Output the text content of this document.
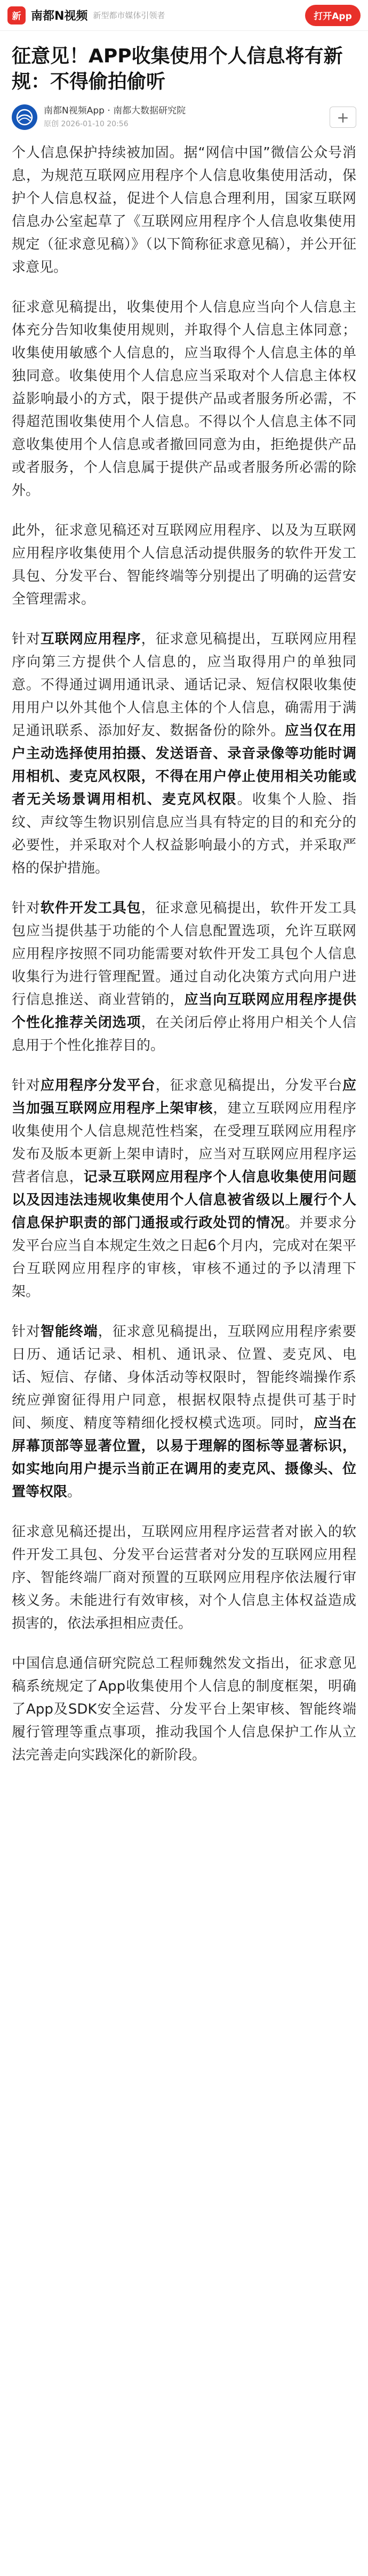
新 南都N视频 新型都市媒体引领者	打开App
征意见！APP收集使用个人信息将有新规：不得偷拍偷听
南都N视频App · 南都大数据研究院
原创 2026-01-10 20:56	+

个人信息保护持续被加固。据“网信中国”微信公众号消息，为规范互联网应用程序个人信息收集使用活动，保护个人信息权益，促进个人信息合理利用，国家互联网信息办公室起草了《互联网应用程序个人信息收集使用规定（征求意见稿）》（以下简称征求意见稿），并公开征求意见。

征求意见稿提出，收集使用个人信息应当向个人信息主体充分告知收集使用规则，并取得个人信息主体同意；收集使用敏感个人信息的，应当取得个人信息主体的单独同意。收集使用个人信息应当采取对个人信息主体权益影响最小的方式，限于提供产品或者服务所必需，不得超范围收集使用个人信息。不得以个人信息主体不同意收集使用个人信息或者撤回同意为由，拒绝提供产品或者服务，个人信息属于提供产品或者服务所必需的除外。

此外，征求意见稿还对互联网应用程序、以及为互联网应用程序收集使用个人信息活动提供服务的软件开发工具包、分发平台、智能终端等分别提出了明确的运营安全管理需求。

针对互联网应用程序，征求意见稿提出，互联网应用程序向第三方提供个人信息的，应当取得用户的单独同意。不得通过调用通讯录、通话记录、短信权限收集使用用户以外其他个人信息主体的个人信息，确需用于满足通讯联系、添加好友、数据备份的除外。应当仅在用户主动选择使用拍摄、发送语音、录音录像等功能时调用相机、麦克风权限，不得在用户停止使用相关功能或者无关场景调用相机、麦克风权限。收集个人脸、指纹、声纹等生物识别信息应当具有特定的目的和充分的必要性，并采取对个人权益影响最小的方式，并采取严格的保护措施。

针对软件开发工具包，征求意见稿提出，软件开发工具包应当提供基于功能的个人信息配置选项，允许互联网应用程序按照不同功能需要对软件开发工具包个人信息收集行为进行管理配置。通过自动化决策方式向用户进行信息推送、商业营销的，应当向互联网应用程序提供个性化推荐关闭选项，在关闭后停止将用户相关个人信息用于个性化推荐目的。

针对应用程序分发平台，征求意见稿提出，分发平台应当加强互联网应用程序上架审核，建立互联网应用程序收集使用个人信息规范性档案，在受理互联网应用程序发布及版本更新上架申请时，应当对互联网应用程序运营者信息，记录互联网应用程序个人信息收集使用问题以及因违法违规收集使用个人信息被省级以上履行个人信息保护职责的部门通报或行政处罚的情况。并要求分发平台应当自本规定生效之日起6个月内，完成对在架平台互联网应用程序的审核，审核不通过的予以清理下架。

针对智能终端，征求意见稿提出，互联网应用程序索要日历、通话记录、相机、通讯录、位置、麦克风、电话、短信、存储、身体活动等权限时，智能终端操作系统应弹窗征得用户同意，根据权限特点提供可基于时间、频度、精度等精细化授权模式选项。同时，应当在屏幕顶部等显著位置，以易于理解的图标等显著标识，如实地向用户提示当前正在调用的麦克风、摄像头、位置等权限。

征求意见稿还提出，互联网应用程序运营者对嵌入的软件开发工具包、分发平台运营者对分发的互联网应用程序、智能终端厂商对预置的互联网应用程序依法履行审核义务。未能进行有效审核，对个人信息主体权益造成损害的，依法承担相应责任。

中国信息通信研究院总工程师魏然发文指出，征求意见稿系统规定了App收集使用个人信息的制度框架，明确了App及SDK安全运营、分发平台上架审核、智能终端履行管理等重点事项，推动我国个人信息保护工作从立法完善走向实践深化的新阶段。
